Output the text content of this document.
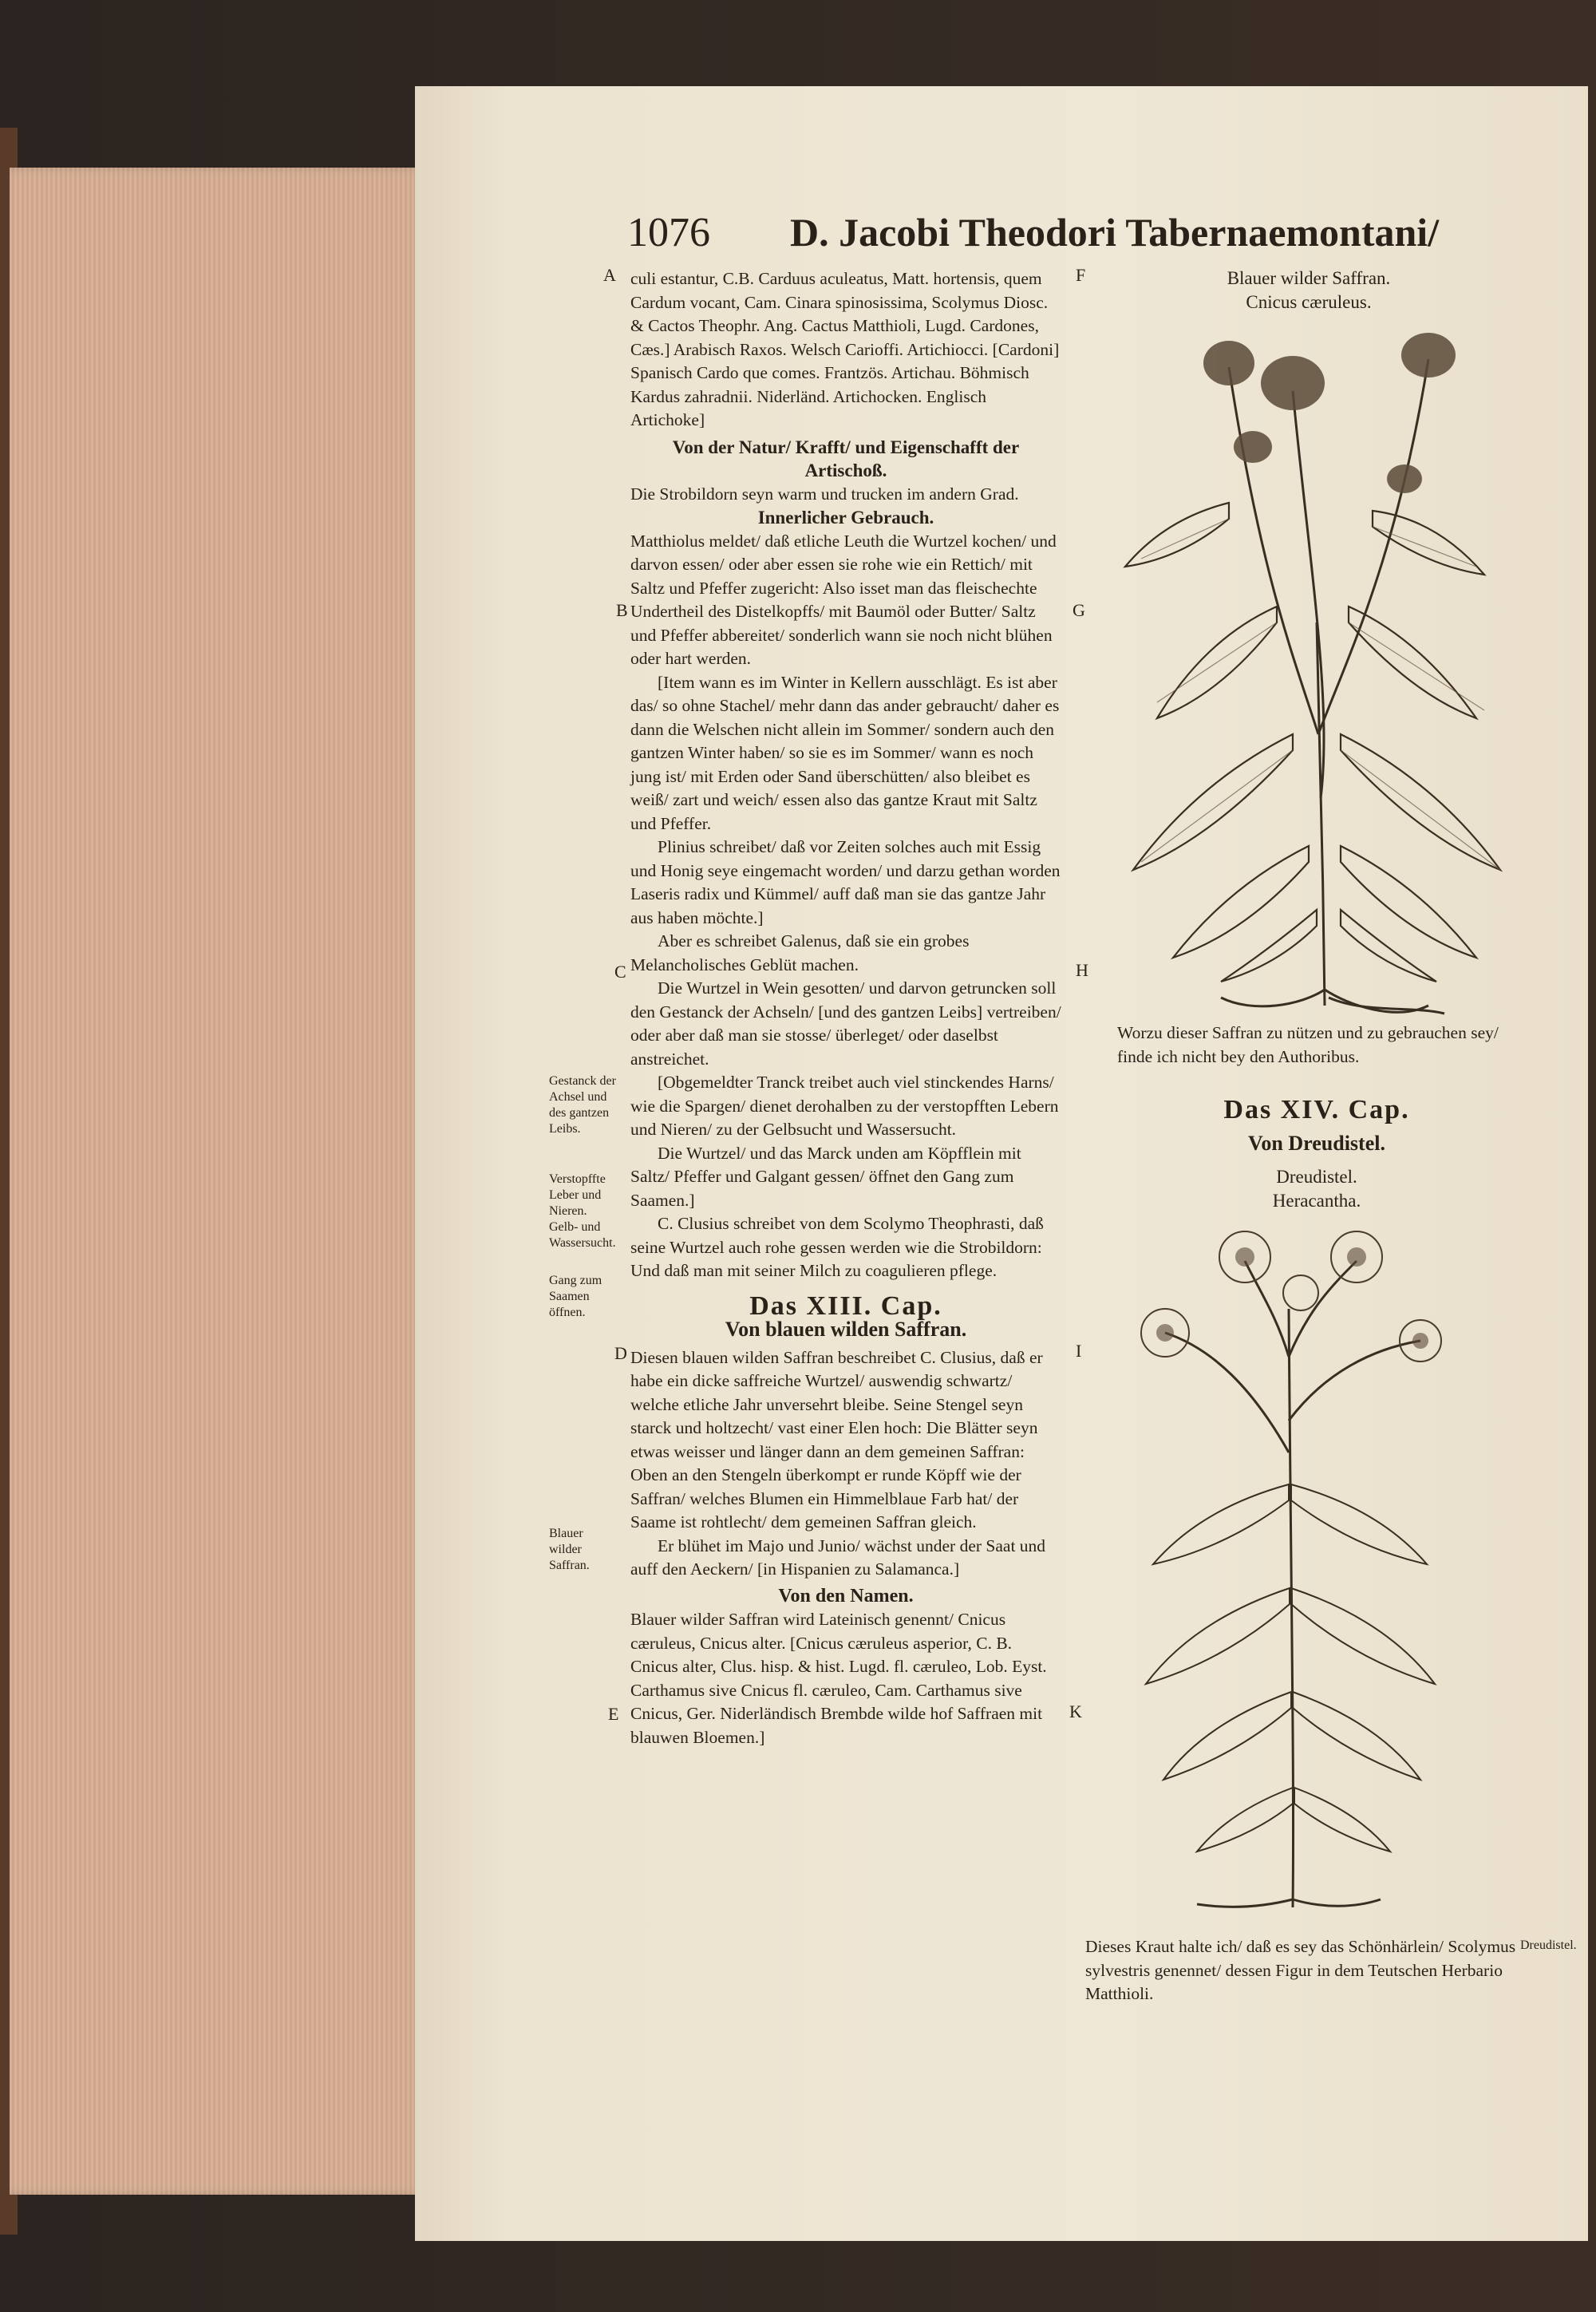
1076 D. Jacobi Theodori Tabernaemontani/
A
B
C
D
E
F
G
H
I
K
Gestanck der Achsel und des gantzen Leibs.
Verstopffte Leber und Nieren. Gelb- und Wassersucht.
Gang zum Saamen öffnen.
Blauer wilder Saffran.
Dreudistel.

culi estantur, C.B. Carduus aculeatus, Matt. hortensis, quem Cardum vocant, Cam. Cinara spinosissima, Scolymus Diosc. & Cactos Theophr. Ang. Cactus Matthioli, Lugd. Cardones, Cæs.] Arabisch Raxos. Welsch Carioffi. Artichiocci. [Cardoni] Spanisch Cardo que comes. Frantzös. Artichau. Böhmisch Kardus zahradnii. Niderländ. Artichocken. Englisch Artichoke]

Von der Natur/ Krafft/ und Eigenschafft der Artischoß.

Die Strobildorn seyn warm und trucken im andern Grad.

Innerlicher Gebrauch.

Matthiolus meldet/ daß etliche Leuth die Wurtzel kochen/ und darvon essen/ oder aber essen sie rohe wie ein Rettich/ mit Saltz und Pfeffer zugericht: Also isset man das fleischechte Undertheil des Distelkopffs/ mit Baumöl oder Butter/ Saltz und Pfeffer abbereitet/ sonderlich wann sie noch nicht blühen oder hart werden.

[Item wann es im Winter in Kellern ausschlägt. Es ist aber das/ so ohne Stachel/ mehr dann das ander gebraucht/ daher es dann die Welschen nicht allein im Sommer/ sondern auch den gantzen Winter haben/ so sie es im Sommer/ wann es noch jung ist/ mit Erden oder Sand überschütten/ also bleibet es weiß/ zart und weich/ essen also das gantze Kraut mit Saltz und Pfeffer.

Plinius schreibet/ daß vor Zeiten solches auch mit Essig und Honig seye eingemacht worden/ und darzu gethan worden Laseris radix und Kümmel/ auff daß man sie das gantze Jahr aus haben möchte.]

Aber es schreibet Galenus, daß sie ein grobes Melancholisches Geblüt machen.

Die Wurtzel in Wein gesotten/ und darvon getruncken soll den Gestanck der Achseln/ [und des gantzen Leibs] vertreiben/ oder aber daß man sie stosse/ überleget/ oder daselbst anstreichet.

[Obgemeldter Tranck treibet auch viel stinckendes Harns/ wie die Spargen/ dienet derohalben zu der verstopfften Lebern und Nieren/ zu der Gelbsucht und Wassersucht.

Die Wurtzel/ und das Marck unden am Köpfflein mit Saltz/ Pfeffer und Galgant gessen/ öffnet den Gang zum Saamen.]

C. Clusius schreibet von dem Scolymo Theophrasti, daß seine Wurtzel auch rohe gessen werden wie die Strobildorn: Und daß man mit seiner Milch zu coagulieren pflege.

Das XIII. Cap.
Von blauen wilden Saffran.

Diesen blauen wilden Saffran beschreibet C. Clusius, daß er habe ein dicke saffreiche Wurtzel/ auswendig schwartz/ welche etliche Jahr unversehrt bleibe. Seine Stengel seyn starck und holtzecht/ vast einer Elen hoch: Die Blätter seyn etwas weisser und länger dann an dem gemeinen Saffran: Oben an den Stengeln überkompt er runde Köpff wie der Saffran/ welches Blumen ein Himmelblaue Farb hat/ der Saame ist rohtlecht/ dem gemeinen Saffran gleich.

Er blühet im Majo und Junio/ wächst under der Saat und auff den Aeckern/ [in Hispanien zu Salamanca.]

Von den Namen.

Blauer wilder Saffran wird Lateinisch genennt/ Cnicus cæruleus, Cnicus alter. [Cnicus cæruleus asperior, C. B. Cnicus alter, Clus. hisp. & hist. Lugd. fl. cæruleo, Lob. Eyst. Carthamus sive Cnicus fl. cæruleo, Cam. Carthamus sive Cnicus, Ger. Niderländisch Brembde wilde hof Saffraen mit blauwen Bloemen.]

Blauer wilder Saffran.
Cnicus cæruleus.
Worzu dieser Saffran zu nützen und zu gebrauchen sey/ finde ich nicht bey den Authoribus.
Das XIV. Cap.
Von Dreudistel.
Dreudistel.
Heracantha.
Dieses Kraut halte ich/ daß es sey das Schönhärlein/ Scolymus sylvestris genennet/ dessen Figur in dem Teutschen Herbario Matthioli.
